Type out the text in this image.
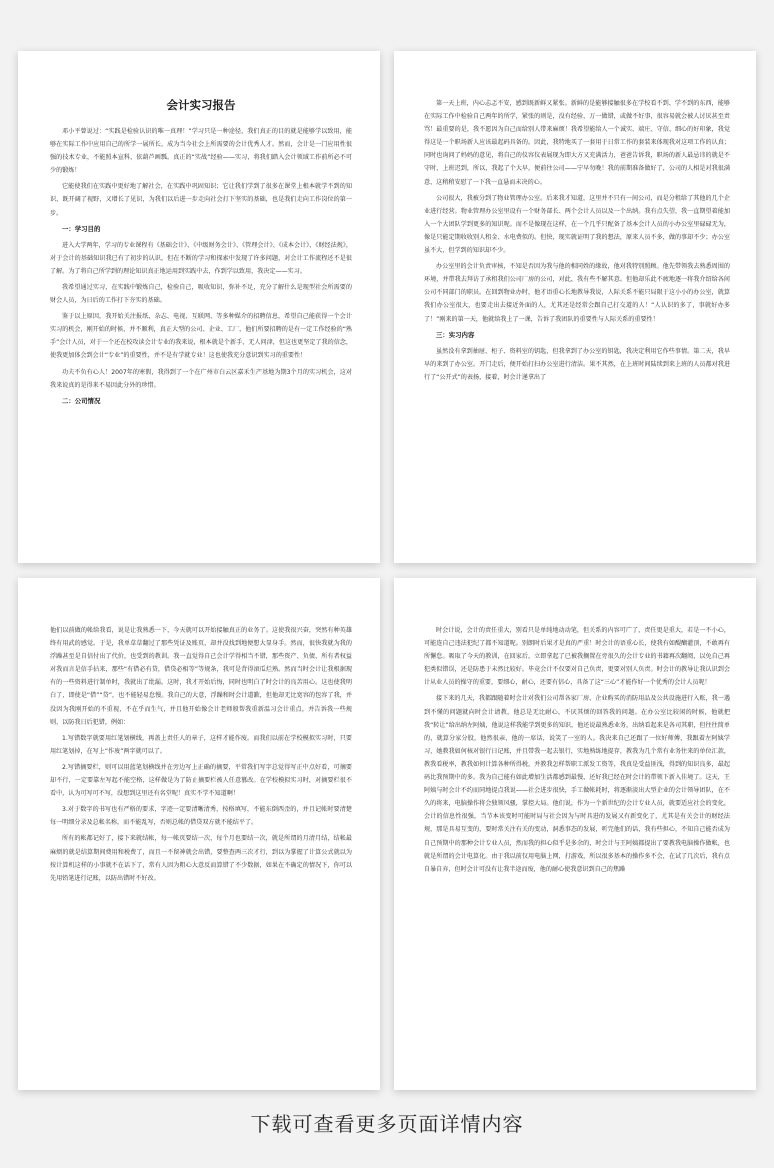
会计实习报告

邓小平曾说过：“实践是检验认识的唯一真理！”学习只是一种途径，我们真正的目的就是能够学以致用，能够在实际工作中应用自己的所学一展所长，成为当今社会上所需要的会计优秀人才。然而，会计是一门应用性很强的技术专业，不能照本宣科，依葫芦画瓢。真正的“实战”经验——实习，将我们踏入会计领域工作前所必不可少的锻炼！

它能使我们在实践中更好地了解社会，在实践中巩固知识；它让我们学到了很多在课堂上根本就学不到的知识，既开阔了视野，又增长了见识，为我们以后进一步走向社会打下坚实的基础，也是我们走向工作岗位的第一步。

一：学习目的

进入大学两年，学习的专业课程有《基础会计》、《中级财务会计》、《管理会计》、《成本会计》、《财经法规》，对于会计的基础知识我已有了初步的认识，但在不断的学习和探索中发现了许多问题，对会计工作流程还不是很了解。为了将自己所学到的理论知识真正地运用到实践中去，作到学以致用，我决定——实习。

我希望通过实习，在实践中锻炼自己，检验自己，吸收知识，弥补不足，充分了解什么是现型社会所需要的财会人员，为日后的工作打下夯实的基础。

鉴于以上原因，我开始关注报纸、杂志、电视、互联网、等多种媒介的招聘信息，希望自己能获得一个会计实习的机会，刚开始的时候，并不顺利，真正大型的公司、企业、工厂，他们所要招聘的是有一定工作经验的“熟手”会计人员，对于一个还在校攻读会计专业的我来说，根本就是个新手，无人问津，但这也更坚定了我的信念，使我更加体会到会计“专业”的重要性，并不是有学就专业！这也使我充分意识到实习的重要性！

功夫不负有心人！2007年的寒假，我得到了一个在广州市白云区嘉禾生产基地为期3个月的实习机会，这对我来说真的是得来不易因此分外的珍惜。

二：公司情况

第一天上班，内心忐忑不安，感到既新鲜又紧张。新鲜的是能够接触很多在学校看不到、学不到的东西，能够在实际工作中检验自己两年的所学，紧张的则是，没有经验，万一做错，或做不好事，很容易就会被人讨厌甚至责骂！最重要的是，我不愿因为自己而给别人带来麻烦！我希望能给人一个诚实、端庄、守信、细心的好印象，我觉得这是一个职场新人应该最起码具备的。因此，我特地买了一套用于日常工作的套装来体现我对这项工作的认真；同时也询问了妈妈的意见，将自己的仪容仪表展现为即大方又充满活力，爸爸告诉我，职场的新人最忌讳的就是不守时，上班迟到，所以，我起了个大早，便前往公司——宁早勿晚！我的前期准备做好了，公司的人相是对我很满意，这稍稍安慰了一下我一直悬而未决的心。

公司很大，我被分到了物业管理办公室。后来我才知道，这里并不只有一间公司，而是分租给了其他的几个企业进行经营。物业管理办公室里设有一个财务部长、两个会计人员以及一个出纳。我有点失望，我一直期望着能加入一个大团队学到更多的知识呢。而不是像现在这样，在一个几乎只配备了基本会计人员的小办公室里碌碌无为，像是只能定期收收别人租金、水电费似的。但快，现实就证明了我的想法，原来人员不多，做的事却不少；办公室虽不大，但学到的知识却不少。

办公室里的会计负责审核，不知是否因为我与他的相同姓的缘故，他对我特别照顾。他先带领我去熟悉周围的环境，并带我去拜访了承租我们公司厂房的公司，对此，我有些不解其意。但他却乐此不疲地逐一将我介绍给各间公司不同部门的职员。在回到物业办时，他才语重心长地教导我说，人际关系不能只局限于这小小的办公室，就算我们办公室很大，也要走出去接近外面的人，尤其还是经常会跟自己打交道的人！“人认识的多了，事就好办多了！”刚来的第一天，他就给我上了一课，告诉了我团队的重要性与人际关系的重要性！

三：实习内容

虽然没有拿到抽屉、柜子、资料室的钥匙，但我拿到了办公室的钥匙，我决定利用它作些事情。第二天，我早早的来到了办公室。开门走后，便开始打扫办公室进行清洁。果不其然，在上班时间陆续到来上班的人员都对我进行了“公开式”的表扬，接着，时会计递拿出了

他们以前做的帐给我看，说是让我熟悉一下，今天就可以开始接触真正的业务了。这使我很兴奋，突然有种英雄终有用武的感觉。于是，我单草草翻过了那些凭证及账页，却并没找到地便想大显身手。然而，很快我就为我的浮躁甚至是自信付出了代价，也受到的教训。我一直觉得自己会计学得相当不错，那些资产、负债、所有者权益对我而言是信手拈来，那些“有借必有贷，借贷必相等”等规条，我可是背得滚瓜烂熟。然而当时会计让我根据现有的一些资料进行制单时，我就出了纰漏。这时，我才开始后悔，同时也明白了时会计的良苦用心。这也使我明白了，即使是“借”“贷”，也不能轻易怠慢。我自己的大意，浮躁和时会计道歉，但他却无比宽容的包容了我，并没因为我刚开始的不重视，不在乎而生气，并且他开始像会计老师般帮我重新温习会计重点，并告诉我一些规则，以防我日后犯错，例如：

1.写错数字就要用红笔划横线，再盖上责任人的章子，这样才能作废。而我们以前在学校模拟实习时，只要用红笔划掉，在写上“作废”两字就可以了。

2.写错摘要栏，则可以用蓝笔划横线并在旁边写上正确的摘要，平常我们写字总觉得写正中点好看，可摘要却不行，一定要靠左写起不能空格，这样做是为了防止摘要栏被人任意篡改。在学校模拟实习时，对摘要栏很不看中，认为可写可不写，没想到这里还有名堂呢！真实不学不知道啊！

3.对于数字的书写也有严格的要求，字迹一定要清晰清秀，按格填写，不能东倒西歪的，并且记帐时要清楚每一明细分录及总帐名称，而不能乱写，否则总帐的借贷双方就不能结平了。

所有的帐都记好了，接下来就结帐，每一帐页要结一次，每个月也要结一次，就是所谓的月清月结，结帐最麻烦的就是结算期间费用和税费了，而且一不留神就会出错，要整查两三次才行，到以为掌握了计算公式就以为按计算机这样的小事就不在话下了，常有人因为粗心大意反而算错了不少数据，如果在不确定的情况下，你可以先用铅笔进行记账，以防出错时不好改。

时会计说，会计的责任重大，别看只是单纯地动动笔，但关系的内容可广了，责任更是重大，若是一不小心，可能连自己违法犯纪了都不知道呢。别朗时后果才是真的严重！时会计的语重心长，使我有如醍醐灌顶，不敢再有所懈怠。吸取了今天的教训，在回家后，立即拿起了已被我搁置在旁很久的会计专业的书籍再次翻阅，以免自己再犯类似错误，还是防患于未然比较好。毕竟会计不仅要对自己负责，更要对别人负责。时会计的教导让我认识到会计从业人员的操守的重要，要细心，耐心，还要有信心，具备了这“三心”才能作好一个优秀的会计人员呢！

接下来的几天，我都跟随着时会计对我们公司帮各家厂房、企业购买的消防用品及公共设施进行入账，我一遇到不懂的问题就向时会计请教，他总是无比耐心，不厌其烦的回答我的问题。在办公室比较闲的时候，他就把我“转让”给出纳左阿姨，他说这样我能学到更多的知识，他还说最熟悉业务，出纳看起来是各司其职，但往往简单的，就算分家分股，他然很亲，他的一席话，说笑了一室的人。我决来自己还跟了一位好师傅，我跟着左阿姨学习，她教我如何核对银行日记账，并且带我一起去银行，实地熟练地提存，教我为几个常有业务往来的单位汇款，教我看税率，教我如何计算各种所得税，并教我怎样帮职工派发工资等，我真是受益匪浅，得到的知识良多，最起码比我预期中的多。我为自己能有如此增加生活都感到最慢，还好我已经在时会计的带领下新入佳境了。这天，王阿姨与时会计不约而同地提点我说——社会进步很快，手工做帐耗时，将逐渐淡出大型企业的会计领导团队，在不久的将来，电脑操作将会独领风骚，掌控大局。他们说，作为一个新世纪的会计专业人员，就要适应社会的变化，会计的信息性很强，当节本该变时可能时局与社会因为与时具进的发展又有新变化了，尤其是有关会计的财经法规，那是具易互变的，要时常关注有关的变动，洞悉事态的发展，听完他们的话，我有些担心，不知自己能否成为自己预期中的那种会计专业人员，然而我的担心似乎是多余的，时会计与王阿姨都提出了要教我电脑操作做帐，也就是所谓的会计电算化。由于我以前仅用电脑上网，打游戏，所以很多基本的操作多不会，在试了几次后，我有点自暴自弃，但时会计可没有让我半途而废，他的耐心使我意识到自己的焦躁

下载可查看更多页面详情内容
